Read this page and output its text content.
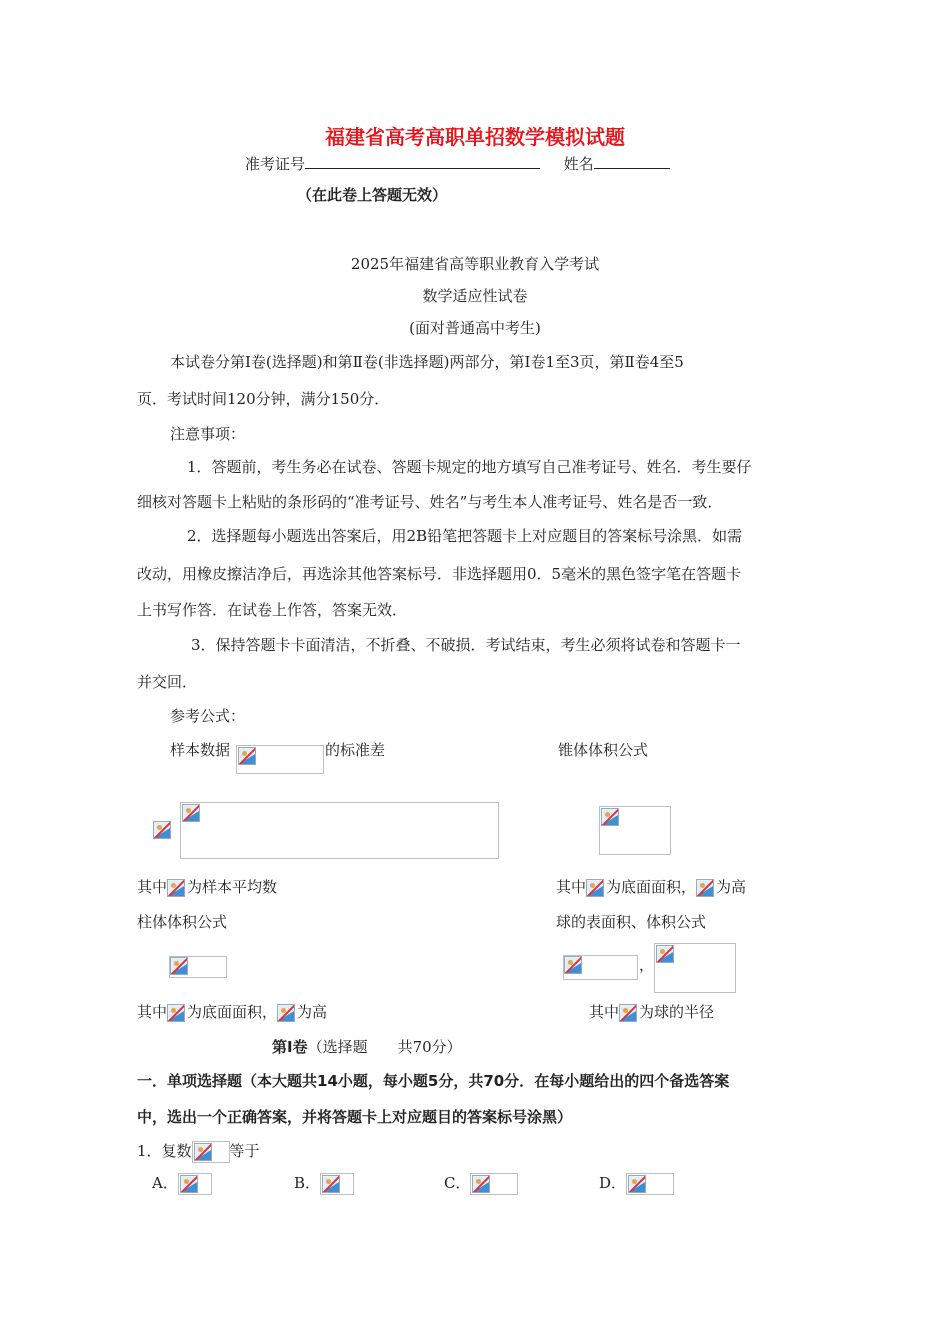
福建省高考高职单招数学模拟试题
准考证号	姓名
（在此卷上答题无效）
2025年福建省高等职业教育入学考试
数学适应性试卷
(面对普通高中考生)
本试卷分第Ⅰ卷(选择题)和第Ⅱ卷(非选择题)两部分，第Ⅰ卷1至3页，第Ⅱ卷4至5
页．考试时间120分钟，满分150分．
注意事项：
1．答题前，考生务必在试卷、答题卡规定的地方填写自己准考证号、姓名．考生要仔
细核对答题卡上粘贴的条形码的“准考证号、姓名”与考生本人准考证号、姓名是否一致．
2．选择题每小题选出答案后，用2B铅笔把答题卡上对应题目的答案标号涂黑．如需
改动，用橡皮擦洁净后，再选涂其他答案标号．非选择题用0．5毫米的黑色签字笔在答题卡
上书写作答．在试卷上作答，答案无效．
3．保持答题卡卡面清洁，不折叠、不破损．考试结束，考生必须将试卷和答题卡一
并交回．
参考公式：
样本数据	的标准差	锥体体积公式
其中 为样本平均数	其中 为底面面积， 为高
柱体体积公式	球的表面积、体积公式
，
其中 为底面面积， 为高	其中 为球的半径
第Ⅰ卷（选择题　　共70分）
一．单项选择题（本大题共14小题，每小题5分，共70分．在每小题给出的四个备选答案
中，选出一个正确答案，并将答题卡上对应题目的答案标号涂黑）
1．复数	等于
A．	B．	C．	D．
